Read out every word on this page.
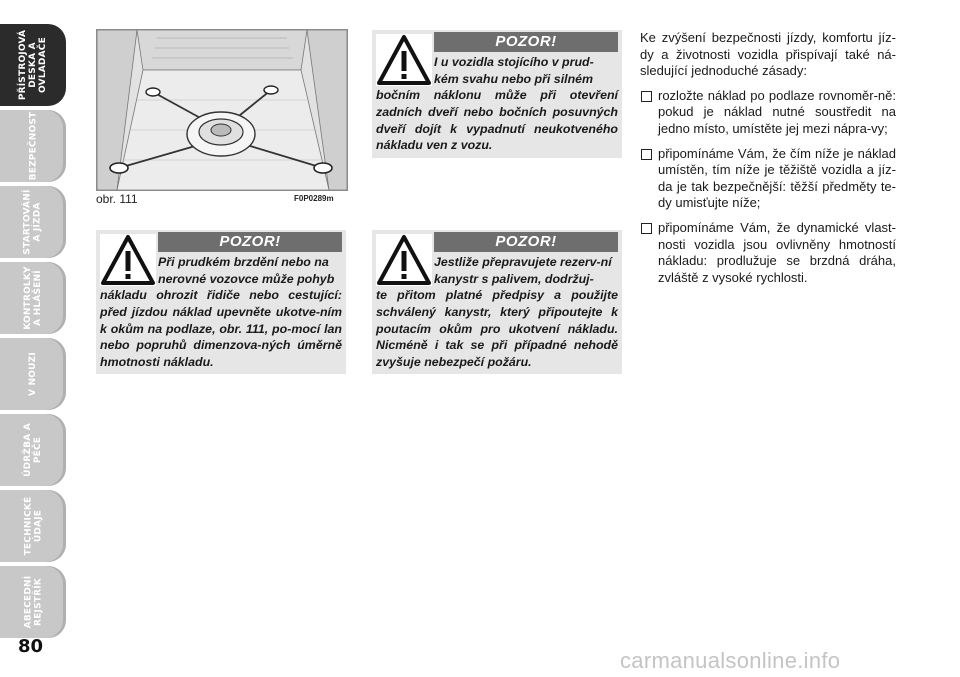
PŘÍSTROJOVÁ
DESKA A
OVLADAČE
BEZPEČNOST
STARTOVÁNÍ
A JÍZDA
KONTROLKY
A HLÁŠENÍ
V NOUZI
ÚDRŽBA A
PÉČE
TECHNICKÉ
ÚDAJE
ABECEDNÍ
REJSTŘÍK
80
obr. 111	F0P0289m
POZOR!
Při prudkém brzdění nebo na nerovné vozovce může pohyb
nákladu ohrozit řidiče nebo cestující: před jízdou náklad upevněte ukotve-ním k okům na podlaze, obr. 111, po-mocí lan nebo popruhů dimenzova-ných úměrně hmotnosti nákladu.
POZOR!
I u vozidla stojícího v prud-kém svahu nebo při silném
bočním náklonu může při otevření zadních dveří nebo bočních posuvných dveří dojít k vypadnutí neukotveného nákladu ven z vozu.
POZOR!
Jestliže přepravujete rezerv-ní kanystr s palivem, dodržuj-
te přitom platné předpisy a použijte schválený kanystr, který připoutejte k poutacím okům pro ukotvení nákladu. Nicméně i tak se při případné nehodě zvyšuje nebezpečí požáru.

Ke zvýšení bezpečnosti jízdy, komfortu jíz-dy a životnosti vozidla přispívají také ná-sledující jednoduché zásady:

rozložte náklad po podlaze rovnoměr-ně: pokud je náklad nutné soustředit na jedno místo, umístěte jej mezi nápra-vy;
připomínáme Vám, že čím níže je náklad umístěn, tím níže je těžiště vozidla a jíz-da je tak bezpečnější: těžší předměty te-dy umisťujte níže;
připomínáme Vám, že dynamické vlast-nosti vozidla jsou ovlivněny hmotností nákladu: prodlužuje se brzdná dráha, zvláště z vysoké rychlosti.
carmanualsonline.info
